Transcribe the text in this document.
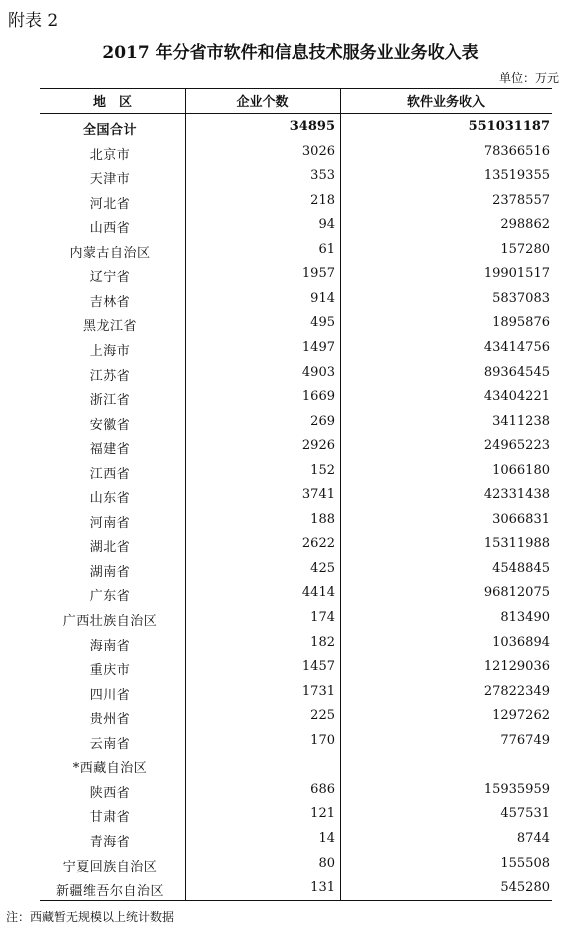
附表 2
2017 年分省市软件和信息技术服务业业务收入表
单位：万元
地　区	企业个数	软件业务收入
全国合计	34895	551031187
北京市	3026	78366516
天津市	353	13519355
河北省	218	2378557
山西省	94	298862
内蒙古自治区	61	157280
辽宁省	1957	19901517
吉林省	914	5837083
黑龙江省	495	1895876
上海市	1497	43414756
江苏省	4903	89364545
浙江省	1669	43404221
安徽省	269	3411238
福建省	2926	24965223
江西省	152	1066180
山东省	3741	42331438
河南省	188	3066831
湖北省	2622	15311988
湖南省	425	4548845
广东省	4414	96812075
广西壮族自治区	174	813490
海南省	182	1036894
重庆市	1457	12129036
四川省	1731	27822349
贵州省	225	1297262
云南省	170	776749
*西藏自治区
陕西省	686	15935959
甘肃省	121	457531
青海省	14	8744
宁夏回族自治区	80	155508
新疆维吾尔自治区	131	545280
注：西藏暂无规模以上统计数据
